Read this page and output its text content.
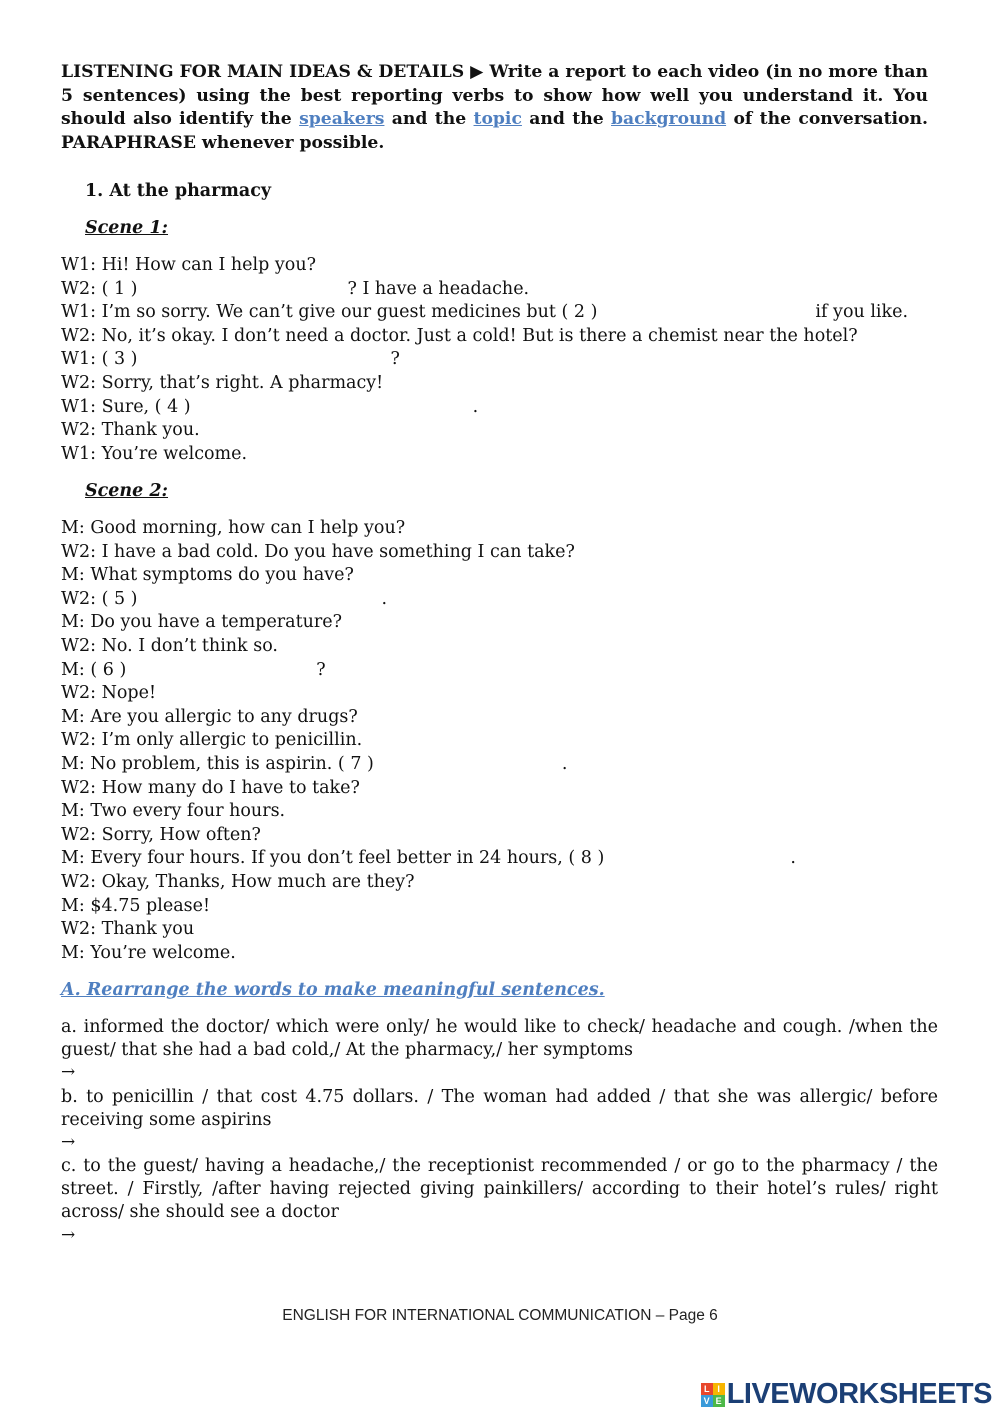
LISTENING FOR MAIN IDEAS & DETAILS ▶ Write a report to each video (in no more than 5 sentences) using the best reporting verbs to show how well you understand it. You should also identify the speakers and the topic and the background of the conversation. PARAPHRASE whenever possible.
1. At the pharmacy
Scene 1:
W1: Hi! How can I help you?
W2: ( 1 )	? I have a headache.
W1: I’m so sorry. We can’t give our guest medicines but ( 2 )	if you like.
W2: No, it’s okay. I don’t need a doctor. Just a cold! But is there a chemist near the hotel?
W1: ( 3 )	?
W2: Sorry, that’s right. A pharmacy!
W1: Sure, ( 4 )	.
W2: Thank you.
W1: You’re welcome.
Scene 2:
M: Good morning, how can I help you?
W2: I have a bad cold. Do you have something I can take?
M: What symptoms do you have?
W2: ( 5 )	.
M: Do you have a temperature?
W2: No. I don’t think so.
M: ( 6 )	?
W2: Nope!
M: Are you allergic to any drugs?
W2: I’m only allergic to penicillin.
M: No problem, this is aspirin. ( 7 )	.
W2: How many do I have to take?
M: Two every four hours.
W2: Sorry, How often?
M: Every four hours. If you don’t feel better in 24 hours, ( 8 )	.
W2: Okay, Thanks, How much are they?
M: $4.75 please!
W2: Thank you
M: You’re welcome.
A. Rearrange the words to make meaningful sentences.
a. informed the doctor/ which were only/ he would like to check/ headache and cough. /when the guest/ that she had a bad cold,/ At the pharmacy,/ her symptoms
→
b. to penicillin / that cost 4.75 dollars. / The woman had added / that she was allergic/ before receiving some aspirins
→
c. to the guest/ having a headache,/ the receptionist recommended / or go to the pharmacy / the street. / Firstly, /after having rejected giving painkillers/ according to their hotel’s rules/ right across/ she should see a doctor
→
ENGLISH FOR INTERNATIONAL COMMUNICATION – Page 6
L I
V E LIVEWORKSHEETS
